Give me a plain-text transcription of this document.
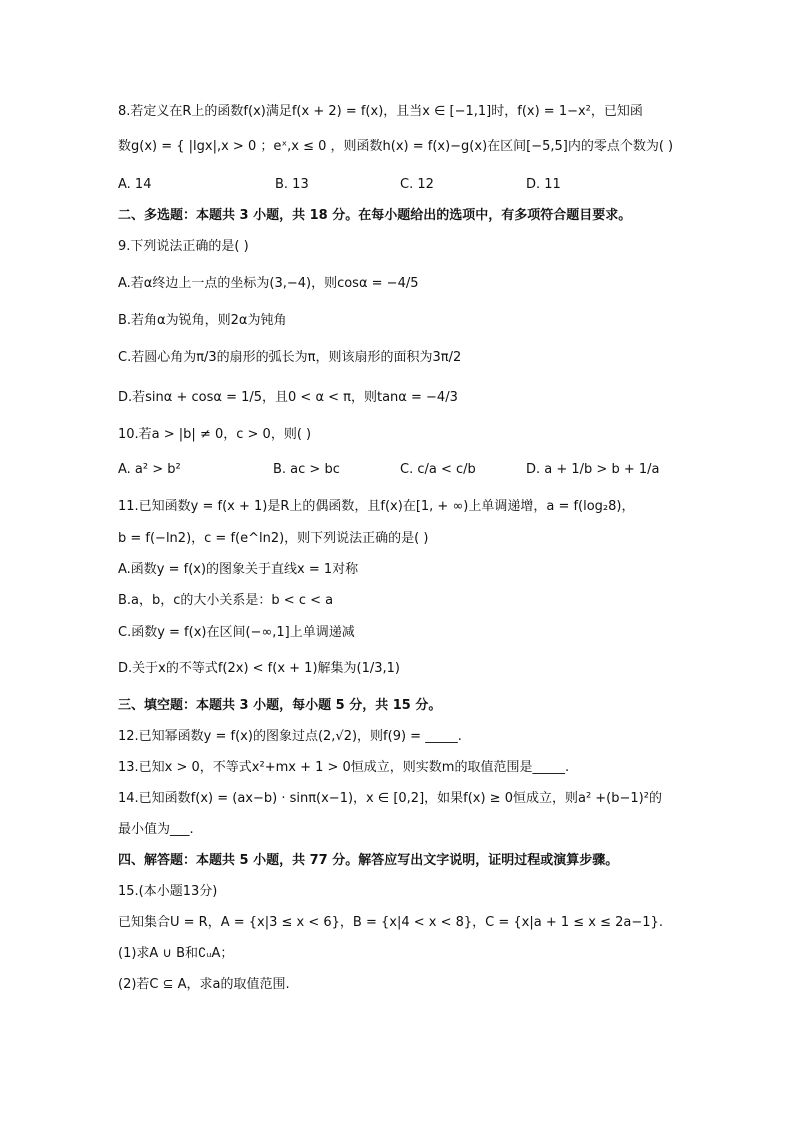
8.若定义在R上的函数f(x)满足f(x + 2) = f(x)，且当x ∈ [−1,1]时，f(x) = 1−x²，已知函
数g(x) = { |lgx|,x > 0 ；eˣ,x ≤ 0 ，则函数h(x) = f(x)−g(x)在区间[−5,5]内的零点个数为( )
A. 14	B. 13	C. 12	D. 11
二、多选题：本题共 3 小题，共 18 分。在每小题给出的选项中，有多项符合题目要求。
9.下列说法正确的是( )
A.若α终边上一点的坐标为(3,−4)，则cosα = −4/5
B.若角α为锐角，则2α为钝角
C.若圆心角为π/3的扇形的弧长为π，则该扇形的面积为3π/2
D.若sinα + cosα = 1/5，且0 < α < π，则tanα = −4/3
10.若a > |b| ≠ 0，c > 0，则( )
A. a² > b²	B. ac > bc	C. c/a < c/b	D. a + 1/b > b + 1/a
11.已知函数y = f(x + 1)是R上的偶函数，且f(x)在[1, + ∞)上单调递增，a = f(log₂8)，
b = f(−ln2)，c = f(e^ln2)，则下列说法正确的是( )
A.函数y = f(x)的图象关于直线x = 1对称
B.a，b，c的大小关系是：b < c < a
C.函数y = f(x)在区间(−∞,1]上单调递减
D.关于x的不等式f(2x) < f(x + 1)解集为(1/3,1)
三、填空题：本题共 3 小题，每小题 5 分，共 15 分。
12.已知幂函数y = f(x)的图象过点(2,√2)，则f(9) = _____.
13.已知x > 0，不等式x²+mx + 1 > 0恒成立，则实数m的取值范围是_____.
14.已知函数f(x) = (ax−b) · sinπ(x−1)，x ∈ [0,2]，如果f(x) ≥ 0恒成立，则a² +(b−1)²的
最小值为___.
四、解答题：本题共 5 小题，共 77 分。解答应写出文字说明，证明过程或演算步骤。
15.(本小题13分)
已知集合U = R，A = {x|3 ≤ x < 6}，B = {x|4 < x < 8}，C = {x|a + 1 ≤ x ≤ 2a−1}.
(1)求A ∪ B和∁ᵤA；
(2)若C ⊆ A，求a的取值范围.
